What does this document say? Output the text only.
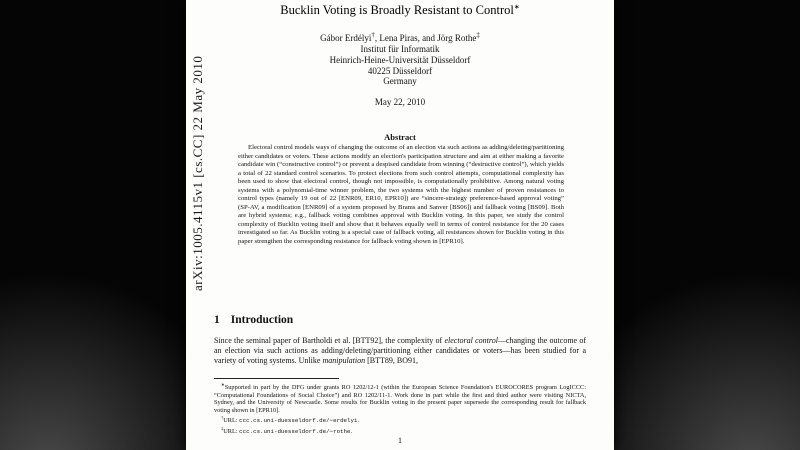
arXiv:1005.4115v1 [cs.CC] 22 May 2010
Bucklin Voting is Broadly Resistant to Control∗
Gábor Erdélyi†, Lena Piras, and Jörg Rothe‡
Institut für Informatik
Heinrich-Heine-Universität Düsseldorf
40225 Düsseldorf
Germany
May 22, 2010
Abstract

Electoral control models ways of changing the outcome of an election via such actions as adding/deleting/partitioning either candidates or voters. These actions modify an election's participation structure and aim at either making a favorite candidate win (“constructive control”) or prevent a despised candidate from winning (“destructive control”), which yields a total of 22 standard control scenarios. To protect elections from such control attempts, computational complexity has been used to show that electoral control, though not impossible, is computationally prohibitive. Among natural voting systems with a polynomial-time winner problem, the two systems with the highest number of proven resistances to control types (namely 19 out of 22 [ENR09, ER10, EPR10]) are “sincere-strategy preference-based approval voting” (SP-AV, a modification [ENR09] of a system proposed by Brams and Sanver [BS06]) and fallback voting [BS09]. Both are hybrid systems; e.g., fallback voting combines approval with Bucklin voting. In this paper, we study the control complexity of Bucklin voting itself and show that it behaves equally well in terms of control resistance for the 20 cases investigated so far. As Bucklin voting is a special case of fallback voting, all resistances shown for Bucklin voting in this paper strengthen the corresponding resistance for fallback voting shown in [EPR10].

1 Introduction

Since the seminal paper of Bartholdi et al. [BTT92], the complexity of electoral control—changing the outcome of an election via such actions as adding/deleting/partitioning either candidates or voters—has been studied for a variety of voting systems. Unlike manipulation [BTT89, BO91,

∗Supported in part by the DFG under grants RO 1202/12-1 (within the European Science Foundation's EUROCORES program LogICCC: “Computational Foundations of Social Choice”) and RO 1202/11-1. Work done in part while the first and third author were visiting NICTA, Sydney, and the University of Newcastle. Some results for Bucklin voting in the present paper supersede the corresponding result for fallback voting shown in [EPR10].

†URL: ccc.cs.uni-duesseldorf.de/∼erdelyi.

‡URL: ccc.cs.uni-duesseldorf.de/∼rothe.

1
